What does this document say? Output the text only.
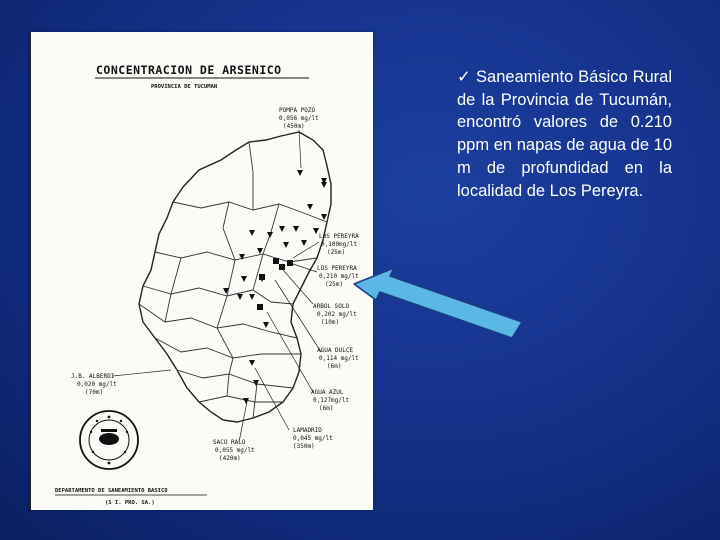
CONCENTRACION DE ARSENICO
PROVINCIA DE TUCUMAN
POMPA POZO
0,056 mg/lt
(450m)
LOS PEREYRA
0,100mg/lt
(25m)
LOS PEREYRA
0,210 mg/lt
(25m)
ARBOL SOLO
0,202 mg/lt
(10m)
AGUA DULCE
0,114 mg/lt
(6m)
AGUA AZUL
0,127mg/lt
(6m)
LAMADRID
0,045 mg/lt
(350m)
SACO RALO
0,055 mg/lt
(420m)
J.B. ALBERDI
0,020 mg/lt
(70m)
DEPARTAMENTO DE SANEAMIENTO BASICO
(S I. PRO. SA.)
✓ Saneamiento Básico Rural de la Provincia de Tucumán, encontró valores de 0.210 ppm en napas de agua de 10 m de profundidad en la localidad de Los Pereyra.
